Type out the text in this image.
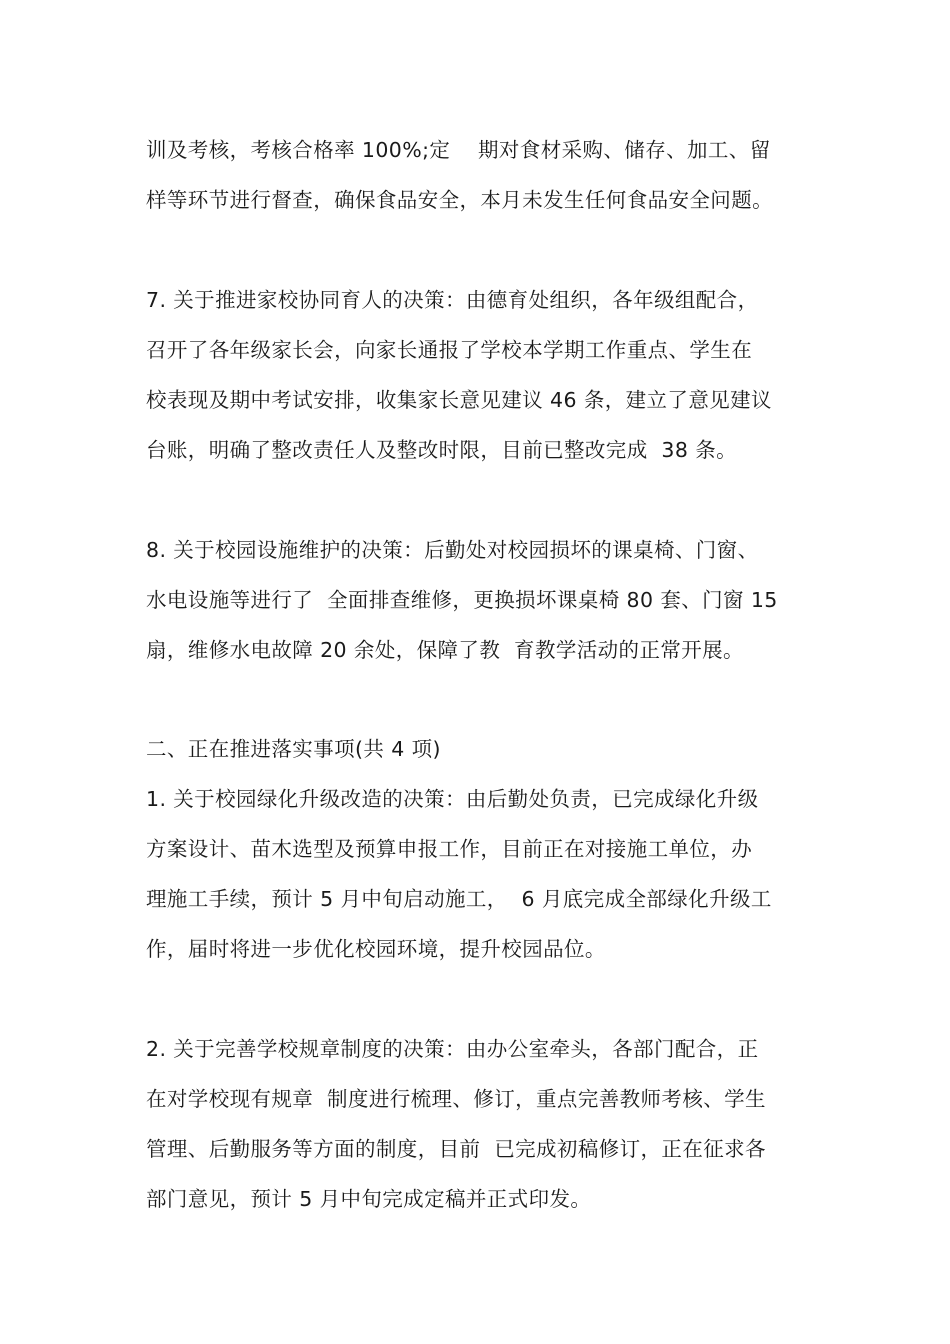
训及考核，考核合格率 100%;定    期对食材采购、储存、加工、留
样等环节进行督查，确保食品安全，本月未发生任何食品安全问题。
7. 关于推进家校协同育人的决策：由德育处组织，各年级组配合，
召开了各年级家长会，向家长通报了学校本学期工作重点、学生在
校表现及期中考试安排，收集家长意见建议 46 条，建立了意见建议
台账，明确了整改责任人及整改时限，目前已整改完成  38 条。
8. 关于校园设施维护的决策：后勤处对校园损坏的课桌椅、门窗、
水电设施等进行了  全面排查维修，更换损坏课桌椅 80 套、门窗 15
扇，维修水电故障 20 余处，保障了教  育教学活动的正常开展。
二、正在推进落实事项(共 4 项)
1. 关于校园绿化升级改造的决策：由后勤处负责，已完成绿化升级
方案设计、苗木选型及预算申报工作，目前正在对接施工单位，办
理施工手续，预计 5 月中旬启动施工，  6 月底完成全部绿化升级工
作，届时将进一步优化校园环境，提升校园品位。
2. 关于完善学校规章制度的决策：由办公室牵头，各部门配合，正
在对学校现有规章  制度进行梳理、修订，重点完善教师考核、学生
管理、后勤服务等方面的制度，目前  已完成初稿修订，正在征求各
部门意见，预计 5 月中旬完成定稿并正式印发。
